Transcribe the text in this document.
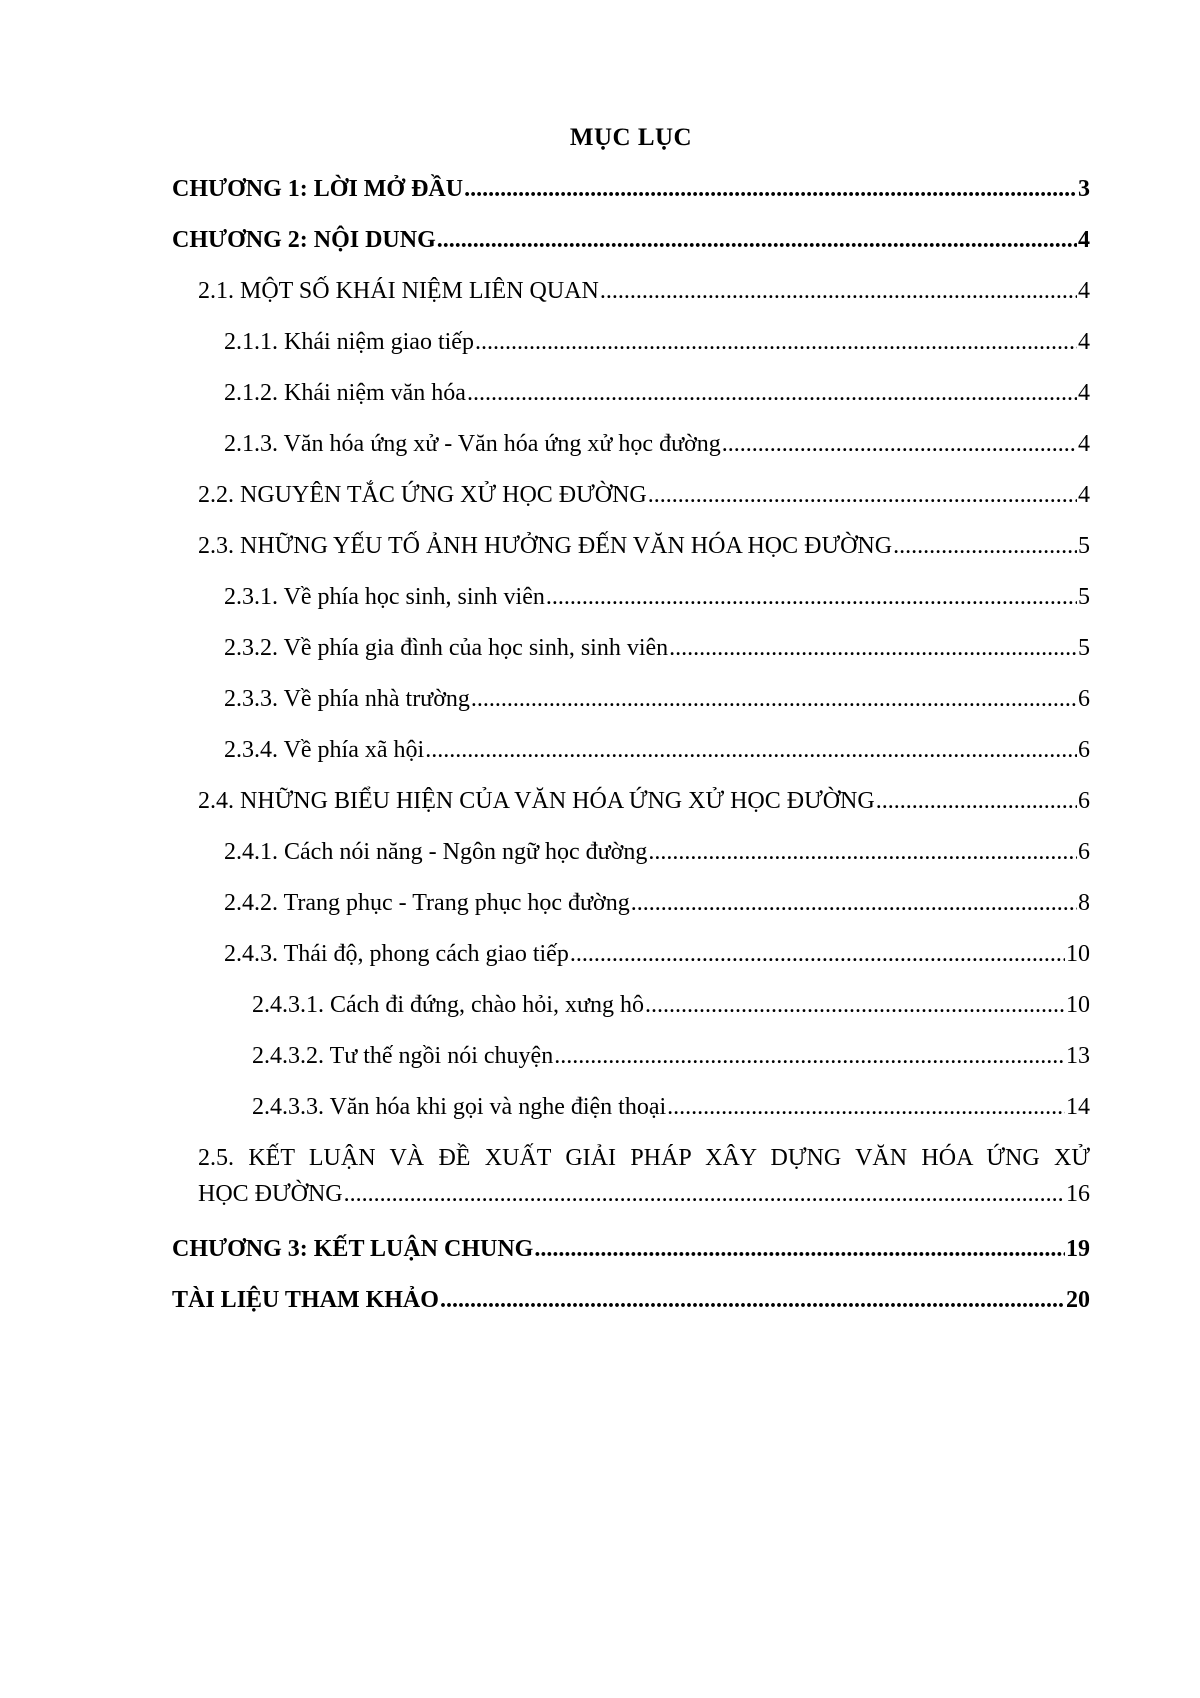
MỤC LỤC
CHƯƠNG 1: LỜI MỞ ĐẦU .....	3
CHƯƠNG 2: NỘI DUNG .....	4
2.1. MỘT SỐ KHÁI NIỆM LIÊN QUAN .....	4
2.1.1. Khái niệm giao tiếp .....	4
2.1.2. Khái niệm văn hóa .....	4
2.1.3. Văn hóa ứng xử - Văn hóa ứng xử học đường .....	4
2.2. NGUYÊN TẮC ỨNG XỬ HỌC ĐƯỜNG .....	4
2.3. NHỮNG YẾU TỐ ẢNH HƯỞNG ĐẾN VĂN HÓA HỌC ĐƯỜNG .....	5
2.3.1. Về phía học sinh, sinh viên .....	5
2.3.2. Về phía gia đình của học sinh, sinh viên .....	5
2.3.3. Về phía nhà trường .....	6
2.3.4. Về phía xã hội .....	6
2.4. NHỮNG BIỂU HIỆN CỦA VĂN HÓA ỨNG XỬ HỌC ĐƯỜNG .....	6
2.4.1. Cách nói năng - Ngôn ngữ học đường .....	6
2.4.2. Trang phục - Trang phục học đường .....	8
2.4.3. Thái độ, phong cách giao tiếp .....	10
2.4.3.1. Cách đi đứng, chào hỏi, xưng hô .....	10
2.4.3.2. Tư thế ngồi nói chuyện .....	13
2.4.3.3. Văn hóa khi gọi và nghe điện thoại .....	14
2.5. KẾT LUẬN VÀ ĐỀ XUẤT GIẢI PHÁP XÂY DỰNG VĂN HÓA ỨNG XỬ
HỌC ĐƯỜNG .....	16
CHƯƠNG 3: KẾT LUẬN CHUNG .....	19
TÀI LIỆU THAM KHẢO .....	20
